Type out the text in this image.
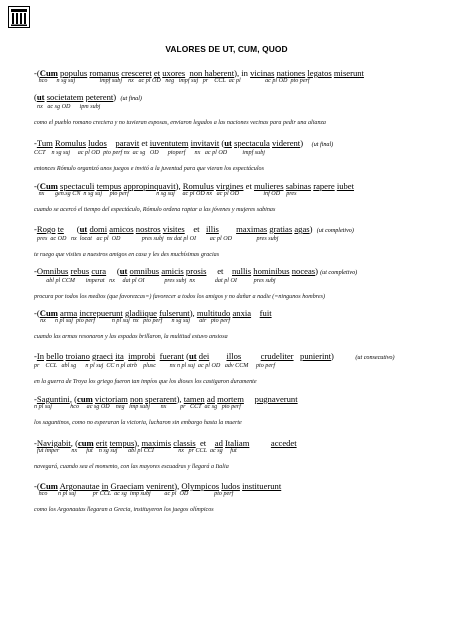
VALORES DE UT, CUM, QUOD
-(Cum populus romanus cresceret et uxores non haberent), in vicinas nationes legatos miserunt
hco      n sg suj                impf subj    nx   ac pl OD   neg   impf suj   pr    CCL  ac pl                ac pl OD  pto perf
(ut societatem peterent)  (ut final)
nx   ac sg OD      ipm subj
como el pueblo romano creciera y no tuvieran esposas, enviaron legados a las naciones vecinas para pedir una alianza
-Tum Romulus ludos paravit et iuventutem invitavit (ut spectacula viderent)    (ut final)
CCT    n sg suj     ac pl OD  pto perf nx  ac sg   OD      ptoperf      nx   ac pl OD          impf subj
entonces Rómulo organizó unos juegos e invitó a la juventud para que vieran los espectáculos
-(Cum spectaculi tempus appropinquavit), Romulus virgines et mulieres sabinas rapere iubet
nx       gen.sg CN  n sg suj     pto perf                  n sg suj     ac pl OD nx   ac pl OD                inf OD    pres
cuando se acercó el tiempo del espectáculo, Rómulo ordena raptar a las jóvenes y mujeres sabinas
-Rogo te      (ut domi amicos nostros visites    et   illis maximas gratias agas)  (ut completivo)
pres  ac OD   nx  locat   ac pl  OD              pres subj  nx dat pl OI         ac pl OD                pres subj
te ruego que visites a nuestros amigos en casa y les des muchísimas gracias
-Omnibus rebus cura     (ut omnibus amicis prosis     et    nullis hominibus noceas) (ut completivo)
abl pl CCM       imperat   nx     dat pl OI             pres subj  nx             dat pl OI           pres subj
procura por todos los medios (que favorezcas=) favorecer a todos los amigos y no dañar a nadie (=ningunos hombres)
-(Cum arma increpuerunt gladiique fulserunt), multitudo anxia fuit
nx      n pl suj  pto perf           n pl suj  nx   pto perf      n sg suj      atr   pto perf
cuando las armas resonaron y las espadas brillaron, la multitud estuvo ansiosa
-In bello troiano graeci ita improbi fuerant (ut dei illos crudeliter punierint)          (ut consecutivo)
pr    CCL   abl sg      n pl suj  CC n pl atrb    plusc         nx n pl suj  ac pl OD   adv CCM     pto perf
en la guerra de Troya los griego fueron tan impíos que los dioses los castigaron duramente
-Saguntini, (cum victoriam non sperarent), tamen ad mortem pugnaverunt
n pl suj            hco     ac sg OD    neg   imp subj       nx         pr   CCT  ac sg   pto perf
los saguntinos, como no esperaran la victoria, lucharon sin embargo hasta la muerte
-Navigabit, (cum erit tempus), maximis classis  et    ad Italiam accedet
fut imper        nx      fut    n sg suj       abl pl CCI                nx   pr CCL  ac sg     fut
navegará, cuando sea el momento, con las mayores escuadras y llegará a Italia
-(Cum Argonautae in Graeciam venirent), Olympicos ludos instituerunt
hco       n pl suj           pr CCL  ac sg  imp subj         ac pl  OD                 pto perf
como los Argonautas llegaran a Grecia, instituyeron los juegos olímpicos
